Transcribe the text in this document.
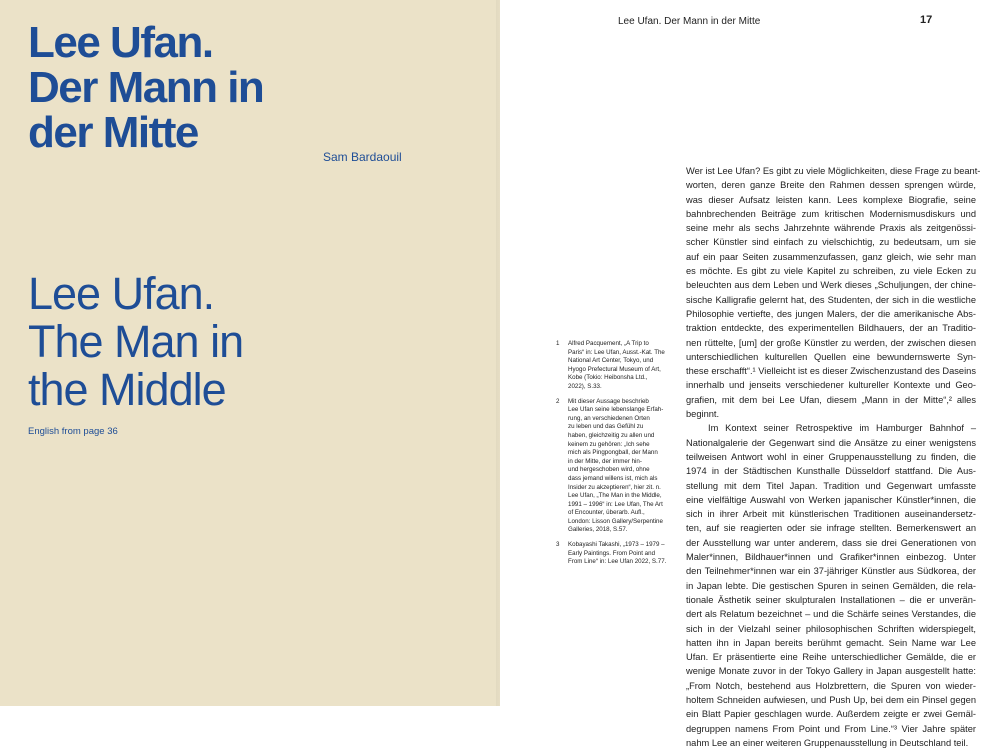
Lee Ufan.
Der Mann in
der Mitte	Sam Bardaouil
Lee Ufan.
The Man in
the Middle
English from page 36
Lee Ufan. Der Mann in der Mitte	17
1 Alfred Pacquement, „A Trip to
Paris“ in: Lee Ufan, Ausst.-Kat. The
National Art Center, Tokyo, und
Hyogo Prefectural Museum of Art,
Kobe (Tokio: Heibonsha Ltd.,
2022), S.33.
2 Mit dieser Aussage beschrieb
Lee Ufan seine lebenslange Erfah-
rung, an verschiedenen Orten
zu leben und das Gefühl zu
haben, gleichzeitig zu allen und
keinem zu gehören: „Ich sehe
mich als Pingpongball, der Mann
in der Mitte, der immer hin-
und hergeschoben wird, ohne
dass jemand willens ist, mich als
Insider zu akzeptieren“, hier zit. n.
Lee Ufan, „The Man in the Middle,
1991 – 1996“ in: Lee Ufan, The Art
of Encounter, überarb. Aufl.,
London: Lisson Gallery/Serpentine
Galleries, 2018, S.57.
3 Kobayashi Takashi, „1973 – 1979 –
Early Paintings. From Point and
From Line“ in: Lee Ufan 2022, S.77.
Wer ist Lee Ufan? Es gibt zu viele Möglichkeiten, diese Frage zu beant-
worten, deren ganze Breite den Rahmen dessen sprengen würde,
was dieser Aufsatz leisten kann. Lees komplexe Biografie, seine
bahnbrechenden Beiträge zum kritischen Modernismusdiskurs und
seine mehr als sechs Jahrzehnte währende Praxis als zeitgenössi-
scher Künstler sind einfach zu vielschichtig, zu bedeutsam, um sie
auf ein paar Seiten zusammenzufassen, ganz gleich, wie sehr man
es möchte. Es gibt zu viele Kapitel zu schreiben, zu viele Ecken zu
beleuchten aus dem Leben und Werk dieses „Schuljungen, der chine-
sische Kalligrafie gelernt hat, des Studenten, der sich in die westliche
Philosophie vertiefte, des jungen Malers, der die amerikanische Abs-
traktion entdeckte, des experimentellen Bildhauers, der an Traditio-
nen rüttelte, [um] der große Künstler zu werden, der zwischen diesen
unterschiedlichen kulturellen Quellen eine bewundernswerte Syn-
these erschafft“.¹ Vielleicht ist es dieser Zwischenzustand des Daseins
innerhalb und jenseits verschiedener kultureller Kontexte und Geo-
grafien, mit dem bei Lee Ufan, diesem „Mann in der Mitte“,² alles
beginnt.
Im Kontext seiner Retrospektive im Hamburger Bahnhof –
Nationalgalerie der Gegenwart sind die Ansätze zu einer wenigstens
teilweisen Antwort wohl in einer Gruppenausstellung zu finden, die
1974 in der Städtischen Kunsthalle Düsseldorf stattfand. Die Aus-
stellung mit dem Titel Japan. Tradition und Gegenwart umfasste
eine vielfältige Auswahl von Werken japanischer Künstler*innen, die
sich in ihrer Arbeit mit künstlerischen Traditionen auseinandersetz-
ten, auf sie reagierten oder sie infrage stellten. Bemerkenswert an
der Ausstellung war unter anderem, dass sie drei Generationen von
Maler*innen, Bildhauer*innen und Grafiker*innen einbezog. Unter
den Teilnehmer*innen war ein 37-jähriger Künstler aus Südkorea, der
in Japan lebte. Die gestischen Spuren in seinen Gemälden, die rela-
tionale Ästhetik seiner skulpturalen Installationen – die er unverän-
dert als Relatum bezeichnet – und die Schärfe seines Verstandes, die
sich in der Vielzahl seiner philosophischen Schriften widerspiegelt,
hatten ihn in Japan bereits berühmt gemacht. Sein Name war Lee
Ufan. Er präsentierte eine Reihe unterschiedlicher Gemälde, die er
wenige Monate zuvor in der Tokyo Gallery in Japan ausgestellt hatte:
„From Notch, bestehend aus Holzbrettern, die Spuren von wieder-
holtem Schneiden aufwiesen, und Push Up, bei dem ein Pinsel gegen
ein Blatt Papier geschlagen wurde. Außerdem zeigte er zwei Gemäl-
degruppen namens From Point und From Line.“³ Vier Jahre später
nahm Lee an einer weiteren Gruppenausstellung in Deutschland teil.
